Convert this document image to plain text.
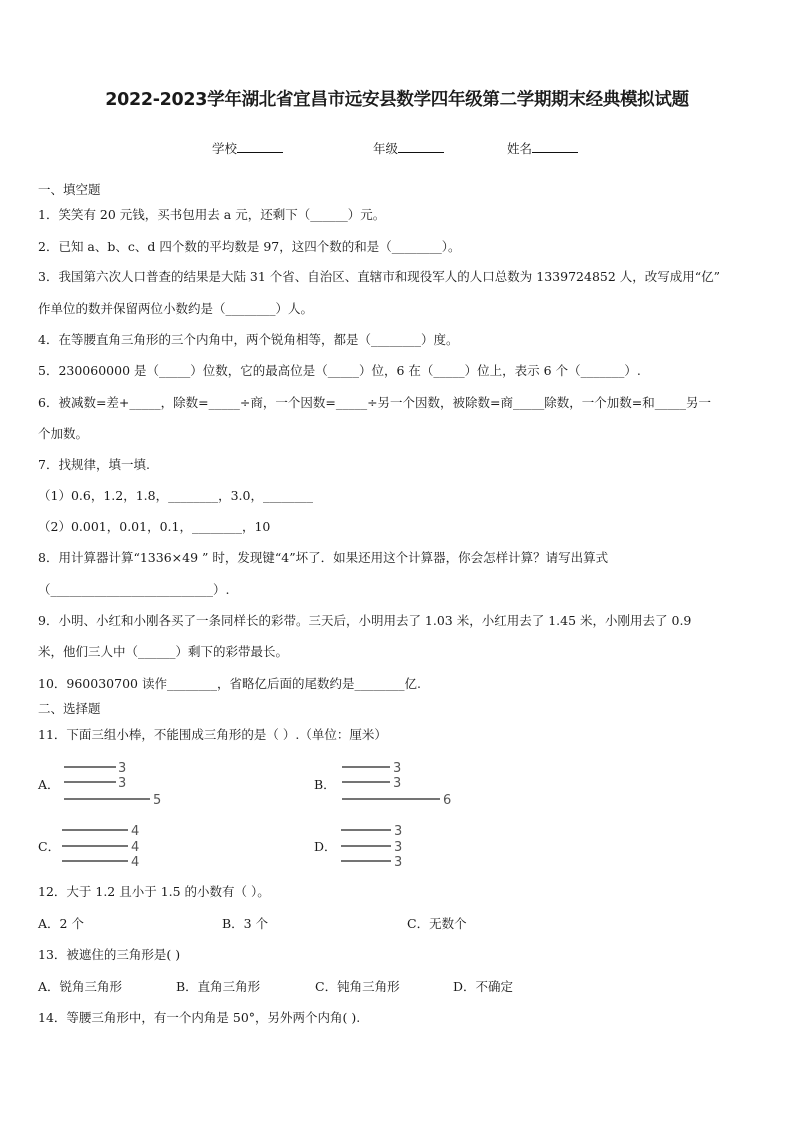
2022-2023学年湖北省宜昌市远安县数学四年级第二学期期末经典模拟试题
学校	年级	姓名
一、填空题
1．笑笑有 20 元钱，买书包用去 a 元，还剩下（______）元。
2．已知 a、b、c、d 四个数的平均数是 97，这四个数的和是（________）。
3．我国第六次人口普查的结果是大陆 31 个省、自治区、直辖市和现役军人的人口总数为 1339724852 人，改写成用“亿”
作单位的数并保留两位小数约是（________）人。
4．在等腰直角三角形的三个内角中，两个锐角相等，都是（________）度。
5．230060000 是（_____）位数，它的最高位是（_____）位，6 在（_____）位上，表示 6 个（_______）.
6．被减数=差+_____，除数=_____÷商，一个因数=_____÷另一个因数，被除数=商_____除数，一个加数=和_____另一
个加数。
7．找规律，填一填.
（1）0.6，1.2，1.8，________，3.0，________
（2）0.001，0.01，0.1，________，10
8．用计算器计算“1336×49 ” 时，发现键“4”坏了．如果还用这个计算器，你会怎样计算？请写出算式
（__________________________）.
9．小明、小红和小刚各买了一条同样长的彩带。三天后，小明用去了 1.03 米，小红用去了 1.45 米，小刚用去了 0.9
米，他们三人中（______）剩下的彩带最长。
10．960030700 读作________，省略亿后面的尾数约是________亿.
二、选择题
11．下面三组小棒，不能围成三角形的是（ ）.（单位：厘米）
A．
3
3
5
B．
3
3
6
C．
4
4
4
D．
3
3
3
12．大于 1.2 且小于 1.5 的小数有（ ）。
A．2 个	B．3 个	C．无数个
13．被遮住的三角形是( )
A．锐角三角形	B．直角三角形	C．钝角三角形	D．不确定
14．等腰三角形中，有一个内角是 50°，另外两个内角( ).
